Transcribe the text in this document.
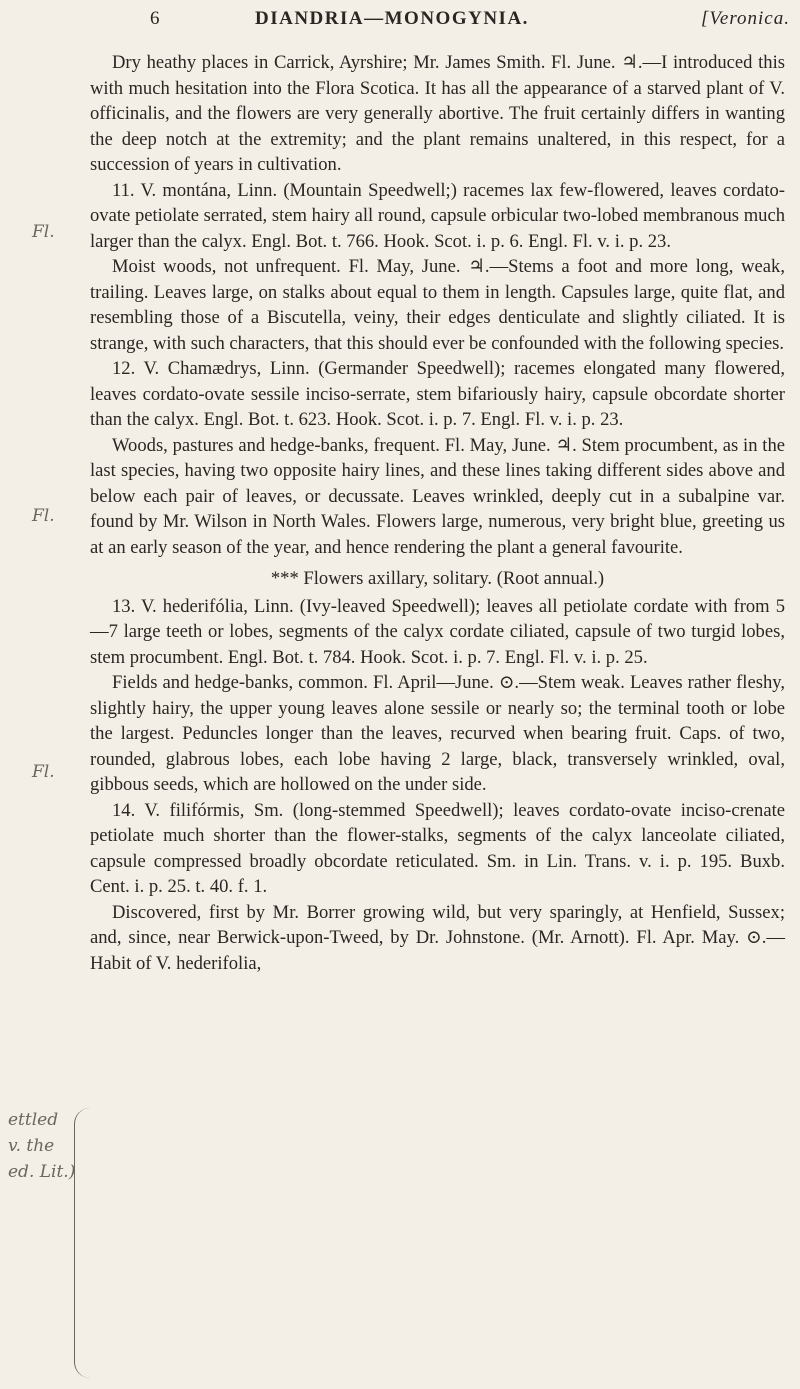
6	DIANDRIA—MONOGYNIA.	[Veronica.
Fl.
Fl.
Fl.
ettled
v. the
ed. Lit.)

Dry heathy places in Carrick, Ayrshire; Mr. James Smith. Fl. June. ♃.—I introduced this with much hesitation into the Flora Scotica. It has all the appearance of a starved plant of V. officinalis, and the flowers are very generally abortive. The fruit certainly differs in wanting the deep notch at the extremity; and the plant remains unaltered, in this respect, for a succession of years in cultivation.

11. V. montána, Linn. (Mountain Speedwell;) racemes lax few-flowered, leaves cordato-ovate petiolate serrated, stem hairy all round, capsule orbicular two-lobed membranous much larger than the calyx. Engl. Bot. t. 766. Hook. Scot. i. p. 6. Engl. Fl. v. i. p. 23.

Moist woods, not unfrequent. Fl. May, June. ♃.—Stems a foot and more long, weak, trailing. Leaves large, on stalks about equal to them in length. Capsules large, quite flat, and resembling those of a Biscutella, veiny, their edges denticulate and slightly ciliated. It is strange, with such characters, that this should ever be confounded with the following species.

12. V. Chamædrys, Linn. (Germander Speedwell); racemes elongated many flowered, leaves cordato-ovate sessile inciso-serrate, stem bifariously hairy, capsule obcordate shorter than the calyx. Engl. Bot. t. 623. Hook. Scot. i. p. 7. Engl. Fl. v. i. p. 23.

Woods, pastures and hedge-banks, frequent. Fl. May, June. ♃. Stem procumbent, as in the last species, having two opposite hairy lines, and these lines taking different sides above and below each pair of leaves, or decussate. Leaves wrinkled, deeply cut in a subalpine var. found by Mr. Wilson in North Wales. Flowers large, numerous, very bright blue, greeting us at an early season of the year, and hence rendering the plant a general favourite.

*** Flowers axillary, solitary. (Root annual.)

13. V. hederifólia, Linn. (Ivy-leaved Speedwell); leaves all petiolate cordate with from 5—7 large teeth or lobes, segments of the calyx cordate ciliated, capsule of two turgid lobes, stem procumbent. Engl. Bot. t. 784. Hook. Scot. i. p. 7. Engl. Fl. v. i. p. 25.

Fields and hedge-banks, common. Fl. April—June. ⊙.—Stem weak. Leaves rather fleshy, slightly hairy, the upper young leaves alone sessile or nearly so; the terminal tooth or lobe the largest. Peduncles longer than the leaves, recurved when bearing fruit. Caps. of two, rounded, glabrous lobes, each lobe having 2 large, black, transversely wrinkled, oval, gibbous seeds, which are hollowed on the under side.

14. V. filifórmis, Sm. (long-stemmed Speedwell); leaves cordato-ovate inciso-crenate petiolate much shorter than the flower-stalks, segments of the calyx lanceolate ciliated, capsule compressed broadly obcordate reticulated. Sm. in Lin. Trans. v. i. p. 195. Buxb. Cent. i. p. 25. t. 40. f. 1.

Discovered, first by Mr. Borrer growing wild, but very sparingly, at Henfield, Sussex; and, since, near Berwick-upon-Tweed, by Dr. Johnstone. (Mr. Arnott). Fl. Apr. May. ⊙.—Habit of V. hederifolia,
